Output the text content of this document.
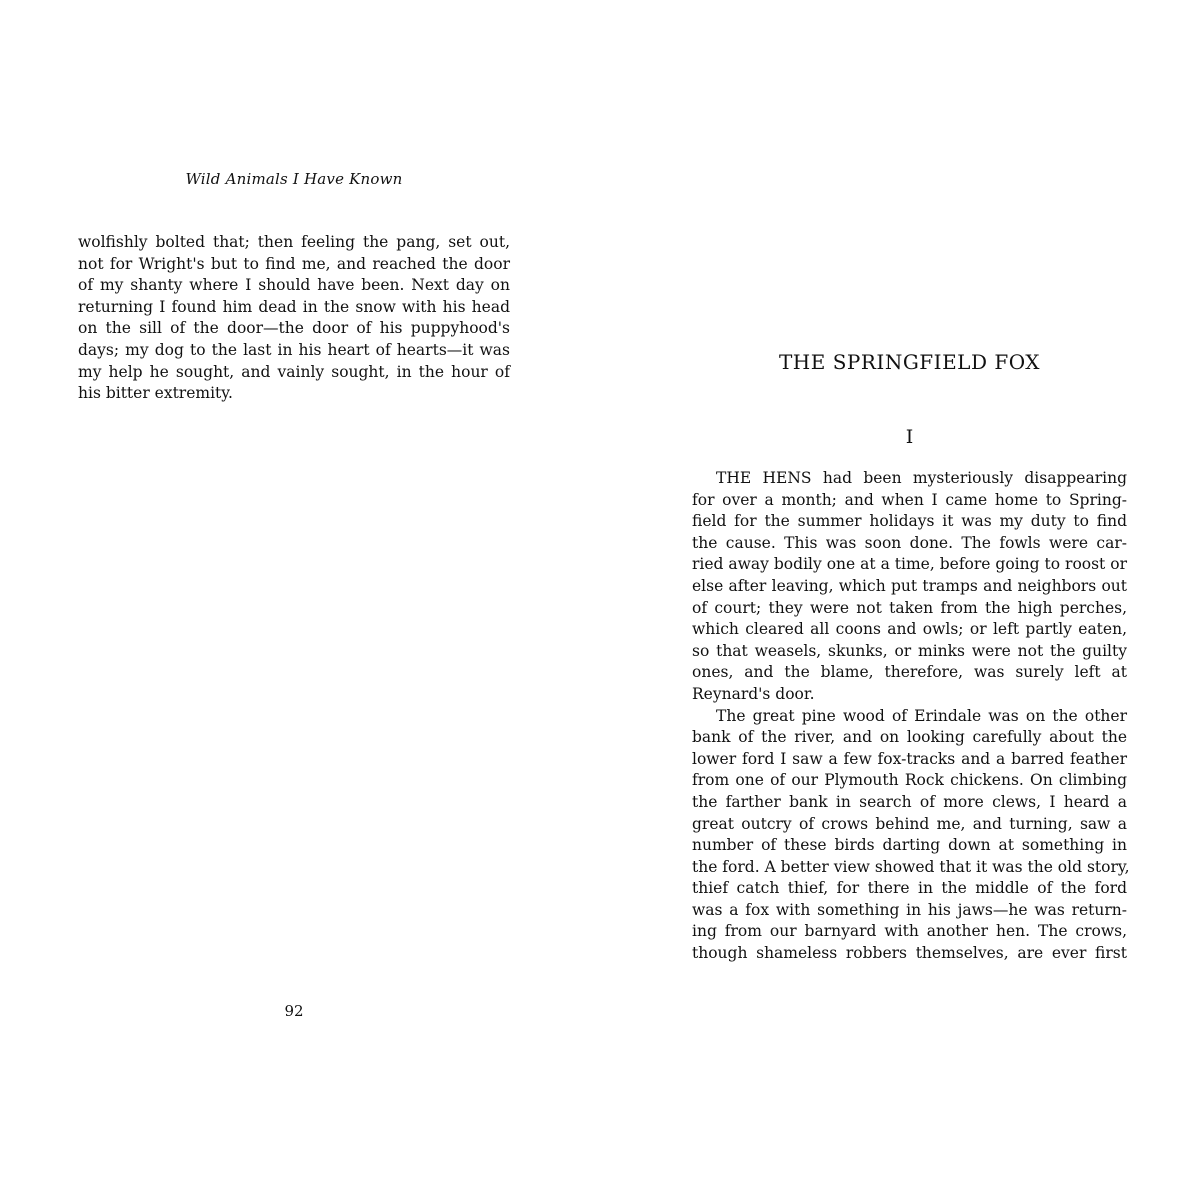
Wild Animals I Have Known
wolfishly bolted that; then feeling the pang, set out,
not for Wright's but to find me, and reached the door
of my shanty where I should have been. Next day on
returning I found him dead in the snow with his head
on the sill of the door—the door of his puppyhood's
days; my dog to the last in his heart of hearts—it was
my help he sought, and vainly sought, in the hour of
his bitter extremity.
92
THE SPRINGFIELD FOX
I
THE HENS had been mysteriously disappearing
for over a month; and when I came home to Spring-
field for the summer holidays it was my duty to find
the cause. This was soon done. The fowls were car-
ried away bodily one at a time, before going to roost or
else after leaving, which put tramps and neighbors out
of court; they were not taken from the high perches,
which cleared all coons and owls; or left partly eaten,
so that weasels, skunks, or minks were not the guilty
ones, and the blame, therefore, was surely left at
Reynard's door.
The great pine wood of Erindale was on the other
bank of the river, and on looking carefully about the
lower ford I saw a few fox-tracks and a barred feather
from one of our Plymouth Rock chickens. On climbing
the farther bank in search of more clews, I heard a
great outcry of crows behind me, and turning, saw a
number of these birds darting down at something in
the ford. A better view showed that it was the old story,
thief catch thief, for there in the middle of the ford
was a fox with something in his jaws—he was return-
ing from our barnyard with another hen. The crows,
though shameless robbers themselves, are ever first
